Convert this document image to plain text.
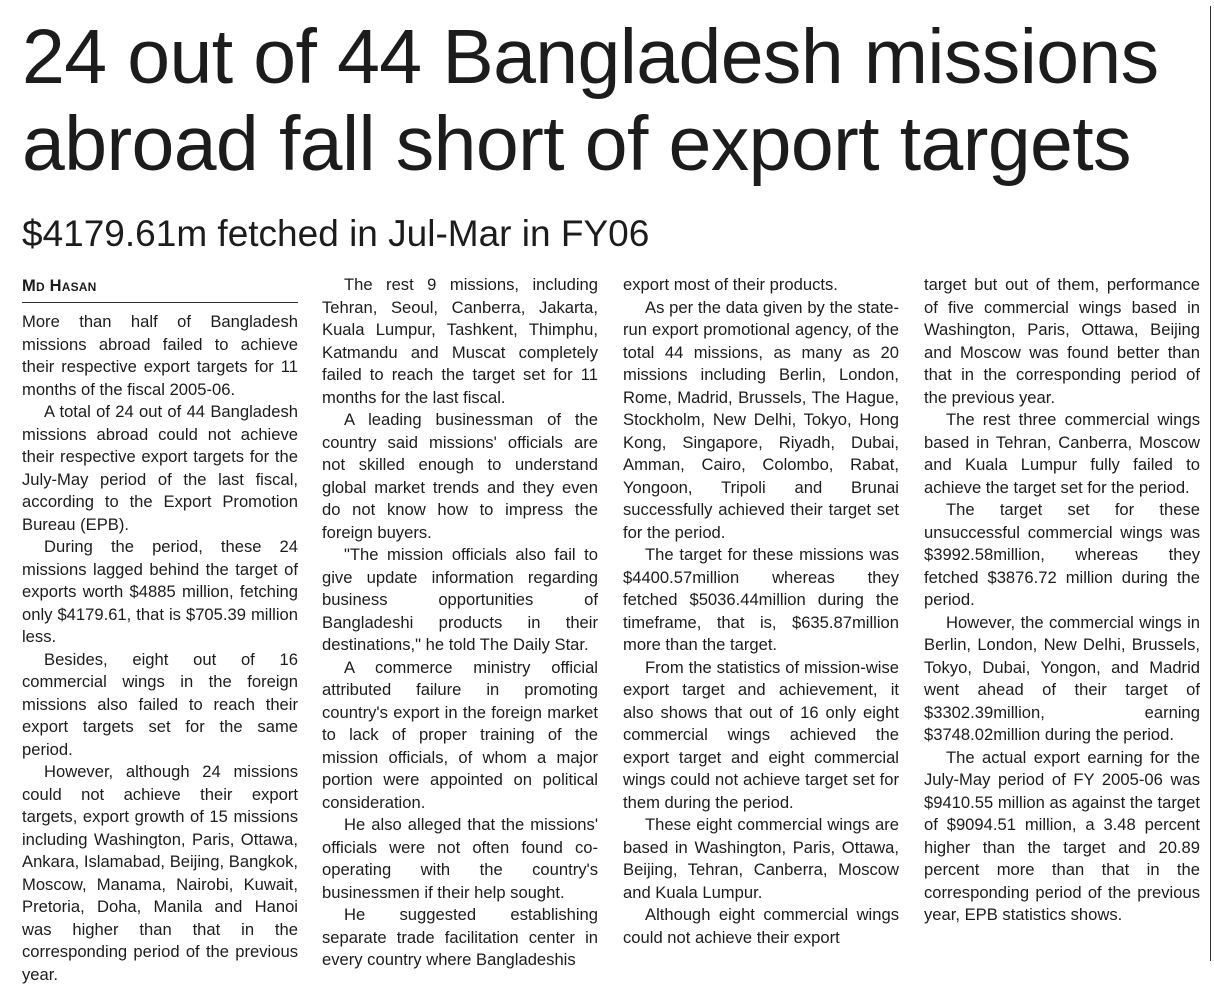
24 out of 44 Bangladesh missions
abroad fall short of export targets
$4179.61m fetched in Jul-Mar in FY06
Md Hasan

More than half of Bangladesh missions abroad failed to achieve their respective export targets for 11 months of the fiscal 2005-06.

A total of 24 out of 44 Bangladesh missions abroad could not achieve their respective export targets for the July-May period of the last fiscal, according to the Export Promotion Bureau (EPB).

During the period, these 24 missions lagged behind the target of exports worth $4885 million, fetching only $4179.61, that is $705.39 million less.

Besides, eight out of 16 commercial wings in the foreign missions also failed to reach their export targets set for the same period.

However, although 24 missions could not achieve their export targets, export growth of 15 missions including Washington, Paris, Ottawa, Ankara, Islamabad, Beijing, Bangkok, Moscow, Manama, Nairobi, Kuwait, Pretoria, Doha, Manila and Hanoi was higher than that in the corresponding period of the previous year.

The rest 9 missions, including Tehran, Seoul, Canberra, Jakarta, Kuala Lumpur, Tashkent, Thimphu, Katmandu and Muscat completely failed to reach the target set for 11 months for the last fiscal.

A leading businessman of the country said missions' officials are not skilled enough to understand global market trends and they even do not know how to impress the foreign buyers.

"The mission officials also fail to give update information regarding business opportunities of Bangladeshi products in their destinations," he told The Daily Star.

A commerce ministry official attributed failure in promoting country's export in the foreign market to lack of proper training of the mission officials, of whom a major portion were appointed on political consideration.

He also alleged that the missions' officials were not often found co-operating with the country's businessmen if their help sought.

He suggested establishing separate trade facilitation center in every country where Bangladeshis

export most of their products.

As per the data given by the state-run export promotional agency, of the total 44 missions, as many as 20 missions including Berlin, London, Rome, Madrid, Brussels, The Hague, Stockholm, New Delhi, Tokyo, Hong Kong, Singapore, Riyadh, Dubai, Amman, Cairo, Colombo, Rabat, Yongoon, Tripoli and Brunai successfully achieved their target set for the period.

The target for these missions was $4400.57million whereas they fetched $5036.44million during the timeframe, that is, $635.87million more than the target.

From the statistics of mission-wise export target and achievement, it also shows that out of 16 only eight commercial wings achieved the export target and eight commercial wings could not achieve target set for them during the period.

These eight commercial wings are based in Washington, Paris, Ottawa, Beijing, Tehran, Canberra, Moscow and Kuala Lumpur.

Although eight commercial wings could not achieve their export

target but out of them, performance of five commercial wings based in Washington, Paris, Ottawa, Beijing and Moscow was found better than that in the corresponding period of the previous year.

The rest three commercial wings based in Tehran, Canberra, Moscow and Kuala Lumpur fully failed to achieve the target set for the period.

The target set for these unsuccessful commercial wings was $3992.58million, whereas they fetched $3876.72 million during the period.

However, the commercial wings in Berlin, London, New Delhi, Brussels, Tokyo, Dubai, Yongon, and Madrid went ahead of their target of $3302.39million, earning $3748.02million during the period.

The actual export earning for the July-May period of FY 2005-06 was $9410.55 million as against the target of $9094.51 million, a 3.48 percent higher than the target and 20.89 percent more than that in the corresponding period of the previous year, EPB statistics shows.
